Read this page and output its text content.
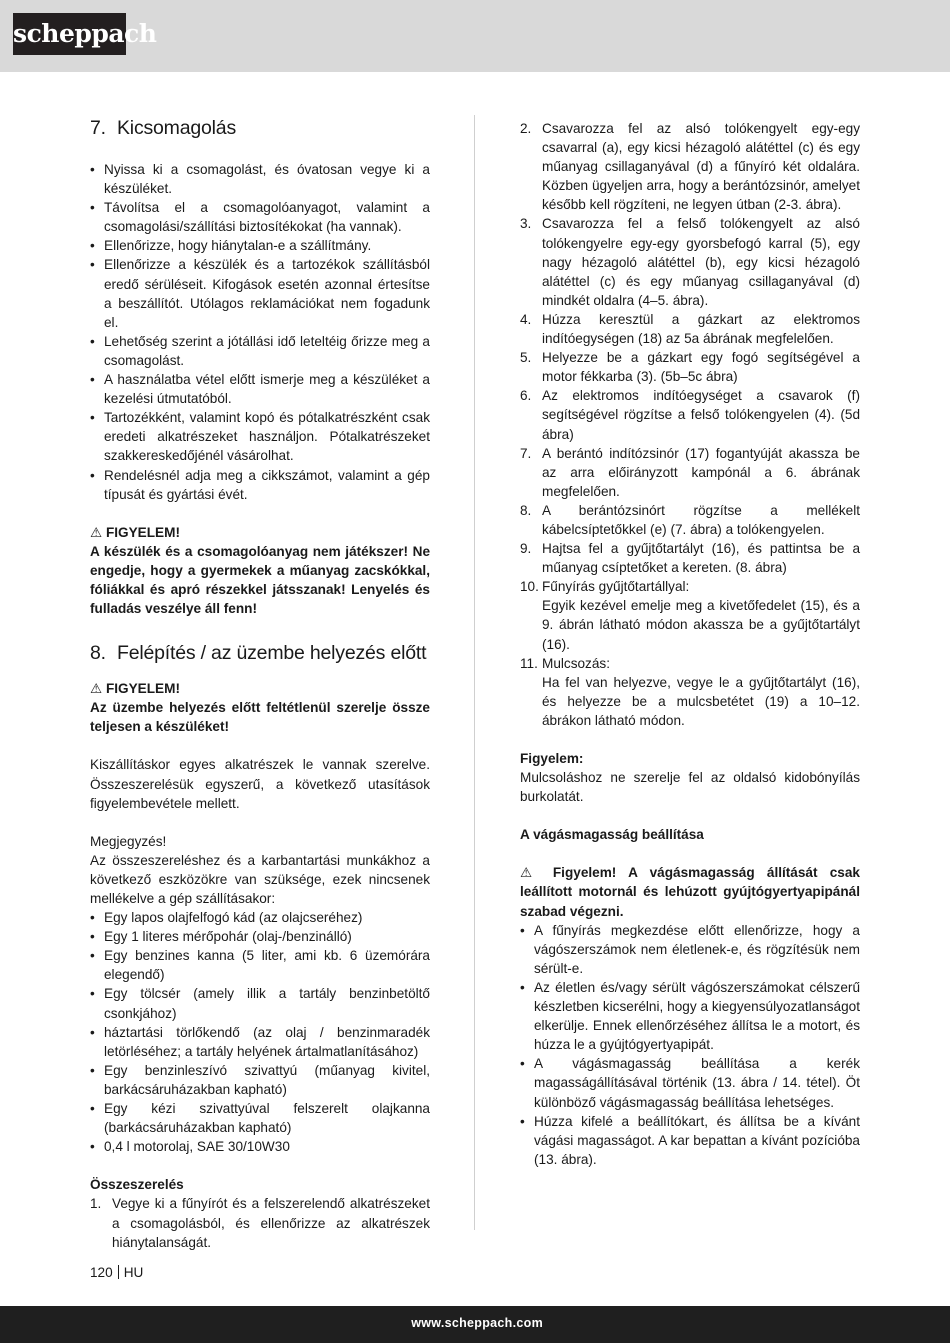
scheppach
7. Kicsomagolás
• Nyissa ki a csomagolást, és óvatosan vegye ki a készüléket.
• Távolítsa el a csomagolóanyagot, valamint a csomagolási/szállítási biztosítékokat (ha vannak).
• Ellenőrizze, hogy hiánytalan-e a szállítmány.
• Ellenőrizze a készülék és a tartozékok szállításból eredő sérüléseit. Kifogások esetén azonnal értesítse a beszállítót. Utólagos reklamációkat nem fogadunk el.
• Lehetőség szerint a jótállási idő leteltéig őrizze meg a csomagolást.
• A használatba vétel előtt ismerje meg a készüléket a kezelési útmutatóból.
• Tartozékként, valamint kopó és pótalkatrészként csak eredeti alkatrészeket használjon. Pótalkatrészeket szakkereskedőjénél vásárolhat.
• Rendelésnél adja meg a cikkszámot, valamint a gép típusát és gyártási évét.

⚠ FIGYELEM!

A készülék és a csomagolóanyag nem játékszer! Ne engedje, hogy a gyermekek a műanyag zacskókkal, fóliákkal és apró részekkel játsszanak! Lenyelés és fulladás veszélye áll fenn!

8. Felépítés / az üzembe helyezés előtt

⚠ FIGYELEM!

Az üzembe helyezés előtt feltétlenül szerelje össze teljesen a készüléket!

Kiszállításkor egyes alkatrészek le vannak szerelve. Összeszerelésük egyszerű, a következő utasítások figyelembevétele mellett.

Megjegyzés!

Az összeszereléshez és a karbantartási munkákhoz a következő eszközökre van szüksége, ezek nincsenek mellékelve a gép szállításakor:

• Egy lapos olajfelfogó kád (az olajcseréhez)
• Egy 1 literes mérőpohár (olaj-/benzinálló)
• Egy benzines kanna (5 liter, ami kb. 6 üzemórára elegendő)
• Egy tölcsér (amely illik a tartály benzinbetöltő csonkjához)
• háztartási törlőkendő (az olaj / benzinmaradék letörléséhez; a tartály helyének ártalmatlanításához)
• Egy benzinleszívó szivattyú (műanyag kivitel, barkácsáruházakban kapható)
• Egy kézi szivattyúval felszerelt olajkanna (barkácsáruházakban kapható)
• 0,4 l motorolaj, SAE 30/10W30

Összeszerelés

1. Vegye ki a fűnyírót és a felszerelendő alkatrészeket a csomagolásból, és ellenőrizze az alkatrészek hiánytalanságát.
2. Csavarozza fel az alsó tolókengyelt egy-egy csavarral (a), egy kicsi hézagoló alátéttel (c) és egy műanyag csillaganyával (d) a fűnyíró két oldalára. Közben ügyeljen arra, hogy a berántózsinór, amelyet később kell rögzíteni, ne legyen útban (2-3. ábra).
3. Csavarozza fel a felső tolókengyelt az alsó tolókengyelre egy-egy gyorsbefogó karral (5), egy nagy hézagoló alátéttel (b), egy kicsi hézagoló alátéttel (c) és egy műanyag csillaganyával (d) mindkét oldalra (4–5. ábra).
4. Húzza keresztül a gázkart az elektromos indítóegységen (18) az 5a ábrának megfelelően.
5. Helyezze be a gázkart egy fogó segítségével a motor fékkarba (3). (5b–5c ábra)
6. Az elektromos indítóegységet a csavarok (f) segítségével rögzítse a felső tolókengyelen (4). (5d ábra)
7. A berántó indítózsinór (17) fogantyúját akassza be az arra előirányzott kampónál a 6. ábrának megfelelően.
8. A berántózsinórt rögzítse a mellékelt kábelcsíptetőkkel (e) (7. ábra) a tolókengyelen.
9. Hajtsa fel a gyűjtőtartályt (16), és pattintsa be a műanyag csíptetőket a kereten. (8. ábra)
10. Fűnyírás gyűjtőtartállyal:
Egyik kezével emelje meg a kivetőfedelet (15), és a 9. ábrán látható módon akassza be a gyűjtőtartályt (16).
11. Mulcsozás:
Ha fel van helyezve, vegye le a gyűjtőtartályt (16), és helyezze be a mulcsbetétet (19) a 10–12. ábrákon látható módon.

Figyelem:

Mulcsoláshoz ne szerelje fel az oldalsó kidobónyílás burkolatát.

A vágásmagasság beállítása

⚠ Figyelem! A vágásmagasság állítását csak leállított motornál és lehúzott gyújtógyertyapipánál szabad végezni.

• A fűnyírás megkezdése előtt ellenőrizze, hogy a vágószerszámok nem életlenek-e, és rögzítésük nem sérült-e.
• Az életlen és/vagy sérült vágószerszámokat célszerű készletben kicserélni, hogy a kiegyensúlyozatlanságot elkerülje. Ennek ellenőrzéséhez állítsa le a motort, és húzza le a gyújtógyertyapipát.
• A vágásmagasság beállítása a kerék magasságállításával történik (13. ábra / 14. tétel). Öt különböző vágásmagasság beállítása lehetséges.
• Húzza kifelé a beállítókart, és állítsa be a kívánt vágási magasságot. A kar bepattan a kívánt pozícióba (13. ábra).
120 HU
www.scheppach.com
